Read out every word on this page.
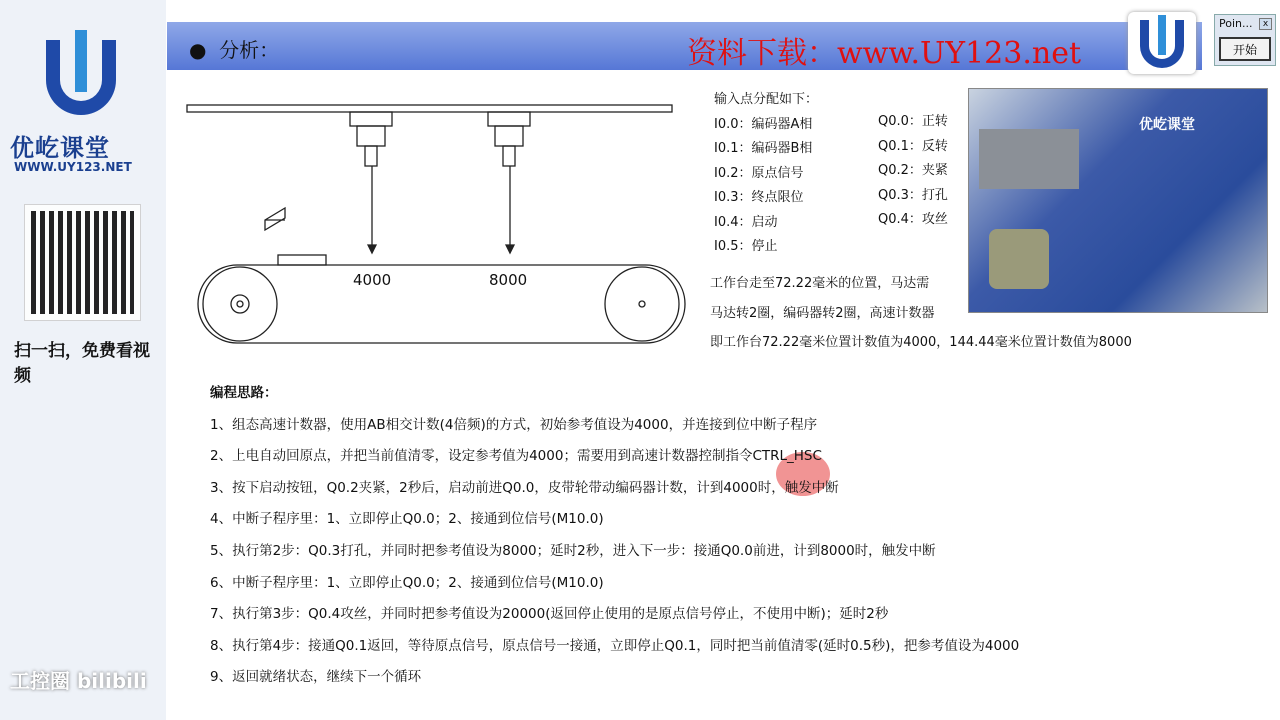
优屹课堂
WWW.UY123.NET
扫一扫，免费看视频
工控圈 bilibili
●  分析：	资料下载：www.UY123.net
Poin...	x
开始
4000	8000
输入点分配如下：
I0.0：编码器A相
I0.1：编码器B相
I0.2：原点信号
I0.3：终点限位
I0.4：启动
I0.5：停止
Q0.0：正转
Q0.1：反转
Q0.2：夹紧
Q0.3：打孔
Q0.4：攻丝
工作台走至72.22毫米的位置，马达需
马达转2圈，编码器转2圈，高速计数器
即工作台72.22毫米位置计数值为4000，144.44毫米位置计数值为8000
优屹课堂
编程思路：
1、组态高速计数器，使用AB相交计数(4倍频)的方式，初始参考值设为4000，并连接到位中断子程序
2、上电自动回原点，并把当前值清零，设定参考值为4000；需要用到高速计数器控制指令CTRL_HSC
3、按下启动按钮，Q0.2夹紧，2秒后，启动前进Q0.0，皮带轮带动编码器计数，计到4000时，触发中断
4、中断子程序里：1、立即停止Q0.0；2、接通到位信号(M10.0)
5、执行第2步：Q0.3打孔，并同时把参考值设为8000；延时2秒，进入下一步：接通Q0.0前进，计到8000时，触发中断
6、中断子程序里：1、立即停止Q0.0；2、接通到位信号(M10.0)
7、执行第3步：Q0.4攻丝，并同时把参考值设为20000(返回停止使用的是原点信号停止，不使用中断)；延时2秒
8、执行第4步：接通Q0.1返回，等待原点信号，原点信号一接通，立即停止Q0.1，同时把当前值清零(延时0.5秒)，把参考值设为4000
9、返回就绪状态，继续下一个循环
